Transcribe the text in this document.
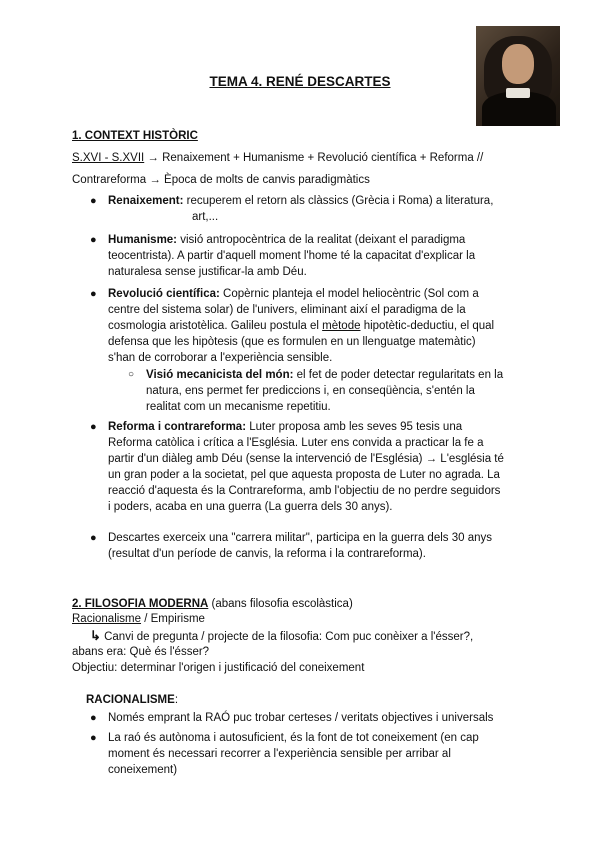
TEMA 4. RENÉ DESCARTES
1. CONTEXT HISTÒRIC
S.XVI - S.XVII → Renaixement + Humanisme + Revolució científica + Reforma //
Contrareforma → Època de molts de canvis paradigmàtics
● Renaixement: recuperem el retorn als clàssics (Grècia i Roma) a literatura,
art,...
● Humanisme: visió antropocèntrica de la realitat (deixant el paradigma
teocentrista). A partir d'aquell moment l'home té la capacitat d'explicar la
naturalesa sense justificar-la amb Déu.
● Revolució científica: Copèrnic planteja el model heliocèntric (Sol com a
centre del sistema solar) de l'univers, eliminant així el paradigma de la
cosmologia aristotèlica. Galileu postula el mètode hipotètic-deductiu, el qual
defensa que les hipòtesis (que es formulen en un llenguatge matemàtic)
s'han de corroborar a l'experiència sensible.
○ Visió mecanicista del món: el fet de poder detectar regularitats en la
natura, ens permet fer prediccions i, en conseqüència, s'entén la
realitat com un mecanisme repetitiu.
● Reforma i contrareforma: Luter proposa amb les seves 95 tesis una
Reforma catòlica i crítica a l'Església. Luter ens convida a practicar la fe a
partir d'un diàleg amb Déu (sense la intervenció de l'Església) → L'església té
un gran poder a la societat, pel que aquesta proposta de Luter no agrada. La
reacció d'aquesta és la Contrareforma, amb l'objectiu de no perdre seguidors
i poders, acaba en una guerra (La guerra dels 30 anys).
● Descartes exerceix una "carrera militar", participa en la guerra dels 30 anys
(resultat d'un període de canvis, la reforma i la contrareforma).
2. FILOSOFIA MODERNA (abans filosofia escolàstica)
Racionalisme / Empirisme
↳ Canvi de pregunta / projecte de la filosofia: Com puc conèixer a l'ésser?,
abans era: Què és l'ésser?
Objectiu: determinar l'origen i justificació del coneixement
RACIONALISME:
● Només emprant la RAÓ puc trobar certeses / veritats objectives i universals
● La raó és autònoma i autosuficient, és la font de tot coneixement (en cap
moment és necessari recorrer a l'experiència sensible per arribar al
coneixement)
